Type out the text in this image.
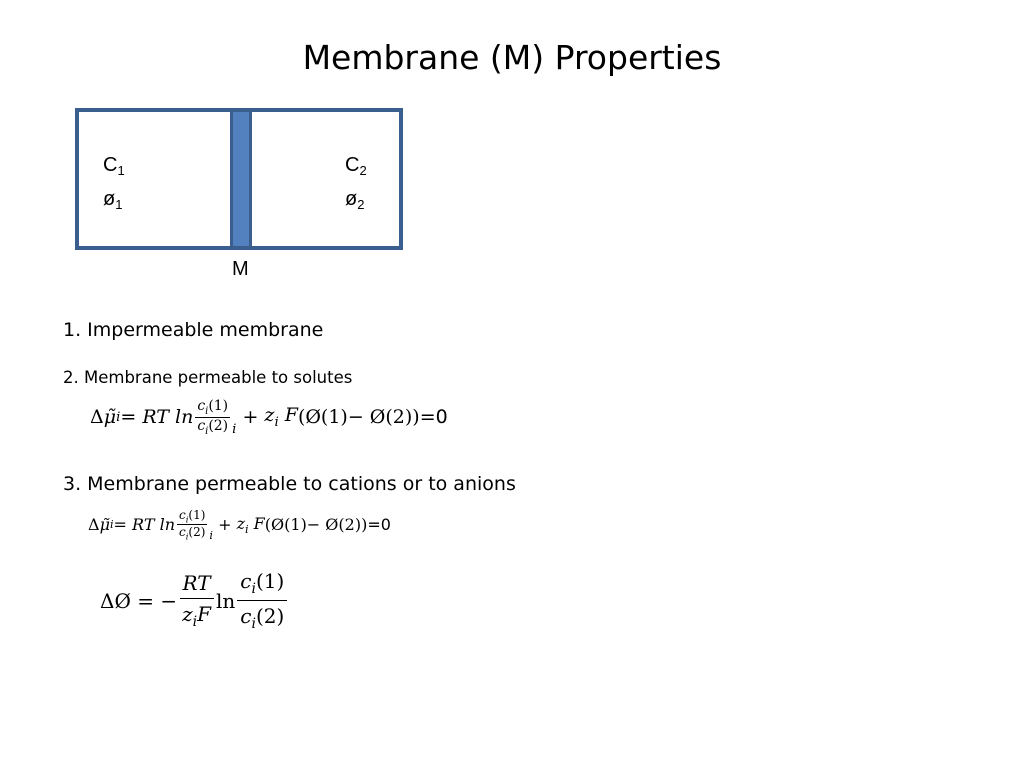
Membrane (M) Properties
$C_1$
$ø_1$
$C_2$
$ø_2$
M
1. Impermeable membrane
2. Membrane permeable to solutes
Δ μ̃ i = RT $\ln \frac{c_i(1)}{c_i(2)}_i$
+ $z_i$ F (Ø(1)− Ø(2)) =0
3. Membrane permeable to cations or to anions
Δ μ̃ i = RT $\ln \frac{c_i(1)}{c_i(2)}_i$
+ $z_i$ F (Ø(1)− Ø(2)) =0
ΔØ = − $\frac{RT}{z_iF}$ $\ln \frac{c_i(1)}{c_i(2)}$
